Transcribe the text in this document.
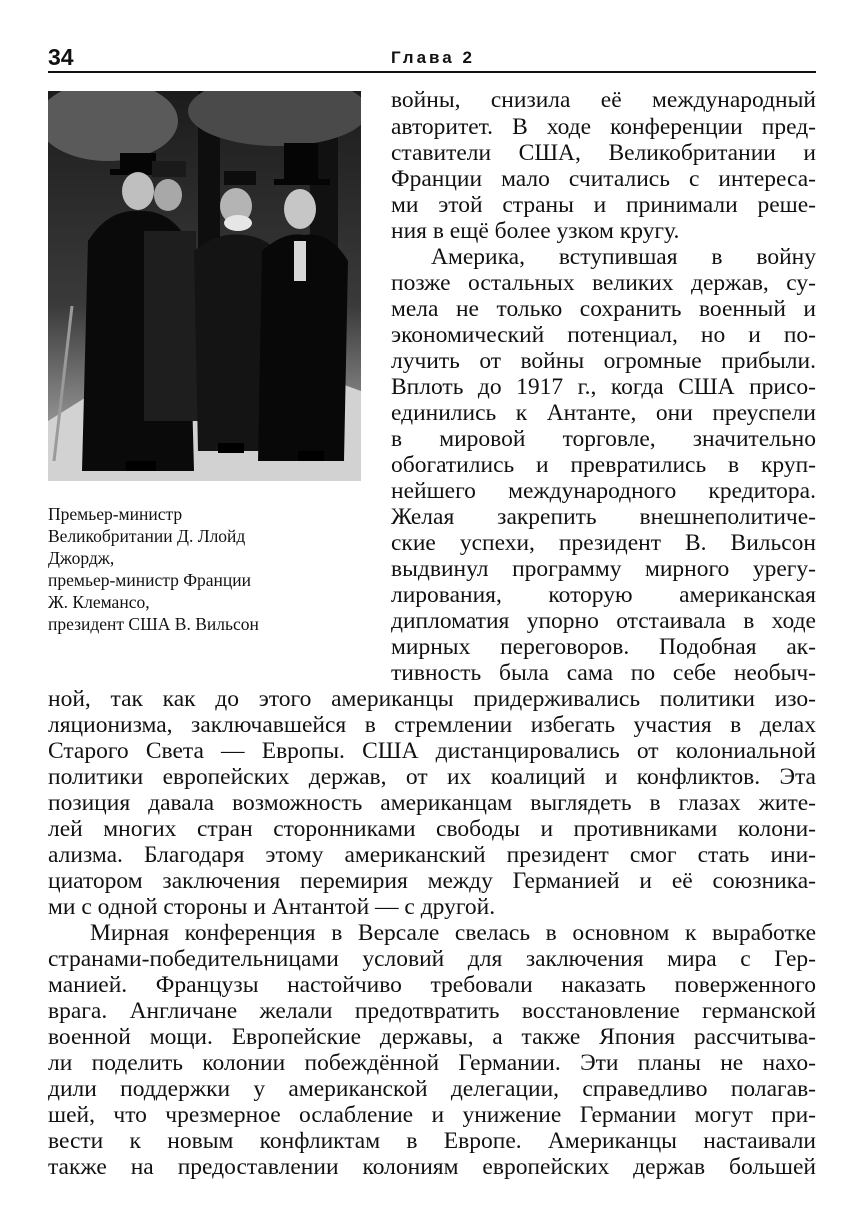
34	Глава 2
Премьер-министр
Великобритании Д. Ллойд
Джордж,
премьер-министр Франции
Ж. Клемансо,
президент США В. Вильсон
войны, снизила её международный
авторитет. В ходе конференции пред-
ставители США, Великобритании и
Франции мало считались с интереса-
ми этой страны и принимали реше-
ния в ещё более узком кругу.
Америка, вступившая в войну
позже остальных великих держав, су-
мела не только сохранить военный и
экономический потенциал, но и по-
лучить от войны огромные прибыли.
Вплоть до 1917 г., когда США присо-
единились к Антанте, они преуспели
в мировой торговле, значительно
обогатились и превратились в круп-
нейшего международного кредитора.
Желая закрепить внешнеполитиче-
ские успехи, президент В. Вильсон
выдвинул программу мирного урегу-
лирования, которую американская
дипломатия упорно отстаивала в ходе
мирных переговоров. Подобная ак-
тивность была сама по себе необыч-
ной, так как до этого американцы придерживались политики изо-
ляционизма, заключавшейся в стремлении избегать участия в делах
Старого Света — Европы. США дистанцировались от колониальной
политики европейских держав, от их коалиций и конфликтов. Эта
позиция давала возможность американцам выглядеть в глазах жите-
лей многих стран сторонниками свободы и противниками колони-
ализма. Благодаря этому американский президент смог стать ини-
циатором заключения перемирия между Германией и её союзника-
ми с одной стороны и Антантой — с другой.
Мирная конференция в Версале свелась в основном к выработке
странами-победительницами условий для заключения мира с Гер-
манией. Французы настойчиво требовали наказать поверженного
врага. Англичане желали предотвратить восстановление германской
военной мощи. Европейские державы, а также Япония рассчитыва-
ли поделить колонии побеждённой Германии. Эти планы не нахо-
дили поддержки у американской делегации, справедливо полагав-
шей, что чрезмерное ослабление и унижение Германии могут при-
вести к новым конфликтам в Европе. Американцы настаивали
также на предоставлении колониям европейских держав большей
